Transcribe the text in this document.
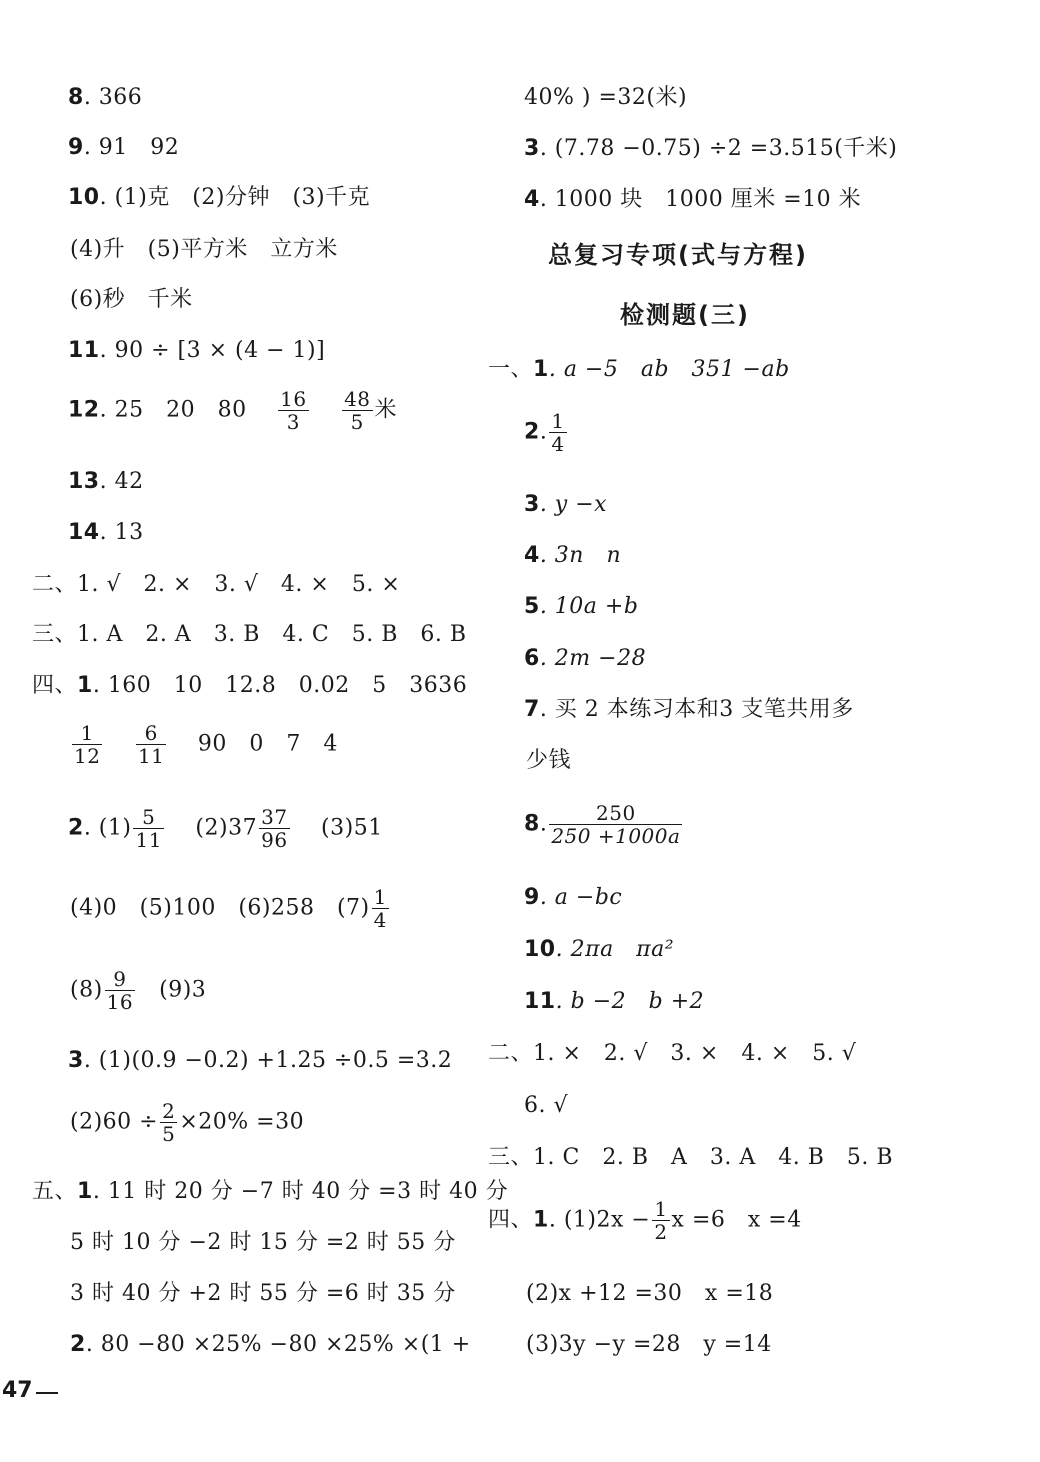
8. 366
9. 91　92
10. (1)克　(2)分钟　(3)千克
(4)升　(5)平方米　立方米
(6)秒　千米
11. 90 ÷ [3 × (4 − 1)]
12. 25　20　$80 \frac{16}{3}$
$\frac{48}{5}$ 米
13. 42
14. 13
二、1. √　2. ×　3. √　4. ×　5. ×
三、1. A　2. A　3. B　4. C　5. B　6. B
四、1. 160　10　12.8　0.02　5　3636
$\frac{1}{12}$
$\frac{6}{11} 90$　0　7　4
2. $(1) \frac{5}{11} (2)37 \frac{37}{96} (3)51$
(4)0　(5)100　(6)258　$(7) \frac{1}{4}$
$(8) \frac{9}{16} (9)3$
3. (1)(0.9 −0.2) +1.25 ÷0.5 =3.2
$(2)60 \div \frac{2}{5} \times 20\% =30$
五、1. 11 时 20 分 −7 时 40 分 =3 时 40 分
5 时 10 分 −2 时 15 分 =2 时 55 分
3 时 40 分 +2 时 55 分 =6 时 35 分
2. 80 −80 ×25% −80 ×25% ×(1 +
40% ) =32(米)
3. (7.78 −0.75) ÷2 =3.515(千米)
4. 1000 块　1000 厘米 =10 米
总复习专项(式与方程)
检测题(三)
一、1. a −5　ab　351 −ab
2. $\frac{1}{4}$
3. y −x
4. 3n　n
5. 10a +b
6. 2m −28
7. 买 2 本练习本和3 支笔共用多
少钱
8. $\frac{250}{250 +1000a}$
9. a −bc
10. 2πa　πa²
11. b −2　b +2
二、1. ×　2. √　3. ×　4. ×　5. √
6. √
三、1. C　2. B　A　3. A　4. B　5. B
四、1. $(1)2x - \frac{1}{2}$ x =6　x =4
(2)x +12 =30　x =18
(3)3y −y =28　y =14
47
